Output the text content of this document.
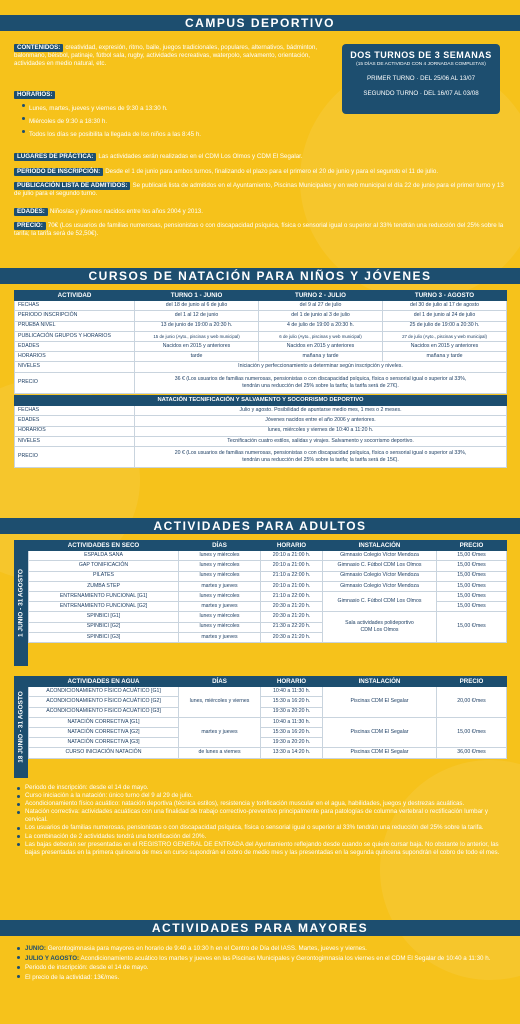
CAMPUS DEPORTIVO
CONTENIDOS: creatividad, expresión, ritmo, baile, juegos tradicionales, populares, alternativos, bádminton, balonmano, béisbol, patinaje, fútbol sala, rugby, actividades recreativas, waterpolo, salvamento, orientación, actividades en medio natural, etc.
HORARIOS:
Lunes, martes, jueves y viernes de 9:30 a 13:30 h.
Miércoles de 9:30 a 18:30 h.
Todos los días se posibilita la llegada de los niños a las 8:45 h.
DOS TURNOS DE 3 SEMANAS
(15 DÍAS DE ACTIVIDAD CON 4 JORNADAS COMPLETAS)
PRIMER TURNO · DEL 25/06 AL 13/07
SEGUNDO TURNO · DEL 16/07 AL 03/08
LUGARES DE PRÁCTICA: Las actividades serán realizadas en el CDM Los Olmos y CDM El Segalar.
PERIODO DE INSCRIPCIÓN: Desde el 1 de junio para ambos turnos, finalizando el plazo para el primero el 20 de junio y para el segundo el 11 de julio.
PUBLICACIÓN LISTA DE ADMITIDOS: Se publicará lista de admitidos en el Ayuntamiento, Piscinas Municipales y en web municipal el día 22 de junio para el primer turno y 13 de julio para el segundo turno.
EDADES: Niños/as y jóvenes nacidos entre los años 2004 y 2013.
PRECIO: 70€ (Los usuarios de familias numerosas, pensionistas o con discapacidad psíquica, física o sensorial igual o superior al 33% tendrán una reducción del 25% sobre la tarifa; la tarifa será de 52,50€).
CURSOS DE NATACIÓN PARA NIÑOS Y JÓVENES
ACTIVIDAD	TURNO 1 - JUNIO	TURNO 2 - JULIO	TURNO 3 - AGOSTO
FECHAS	del 18 de junio al 6 de julio	del 9 al 27 de julio	del 30 de julio al 17 de agosto
PERIODO INSCRIPCIÓN	del 1 al 12 de junio	del 1 de junio al 3 de julio	del 1 de junio al 24 de julio
PRUEBA NIVEL	13 de junio de 19:00 a 20:30 h.	4 de julio de 19:00 a 20:30 h.	25 de julio de 19:00 a 20:30 h.
PUBLICACIÓN GRUPOS Y HORARIOS	15 de junio (Ayto., piscinas y web municipal)	6 de julio (Ayto., piscinas y web municipal)	27 de julio (Ayto., piscinas y web municipal)
EDADES	Nacidos en 2015 y anteriores	Nacidos en 2015 y anteriores	Nacidos en 2015 y anteriores
HORARIOS	tarde	mañana y tarde	mañana y tarde
NIVELES	Iniciación y perfeccionamiento a determinar según inscripción y niveles.		
PRECIO	36 € (Los usuarios de familias numerosas, pensionistas o con discapacidad psíquica, física o sensorial igual o superior al 33%,
tendrán una reducción del 25% sobre la tarifa; la tarifa será de 27€).		
NATACIÓN TECNIFICACIÓN Y SALVAMENTO Y SOCORRISMO DEPORTIVO	
FECHAS	Julio y agosto. Posibilidad de apuntarse medio mes, 1 mes o 2 meses.
EDADES	Jóvenes nacidos entre el año 2006 y anteriores.
HORARIOS	lunes, miércoles y viernes de 10:40 a 11:20 h.
NIVELES	Tecnificación cuatro estilos, salidas y virajes. Salvamento y socorrismo deportivo.
PRECIO	20 € (Los usuarios de familias numerosas, pensionistas o con discapacidad psíquica, física o sensorial igual o superior al 33%,
tendrán una reducción del 25% sobre la tarifa; la tarifa será de 15€).
ACTIVIDADES PARA ADULTOS
1 JUNIO - 31 AGOSTO
ACTIVIDADES EN SECO	DÍAS	HORARIO	INSTALACIÓN	PRECIO
ESPALDA SANA	lunes y miércoles	20:10 a 21:00 h.	Gimnasio Colegio Víctor Mendoza	15,00 €/mes
GAP TONIFICACIÓN	lunes y miércoles	20:10 a 21:00 h.	Gimnasio C. Fútbol CDM Los Olmos	15,00 €/mes
PILATES	lunes y miércoles	21:10 a 22:00 h.	Gimnasio Colegio Víctor Mendoza	15,00 €/mes
ZUMBA STEP	martes y jueves	20:10 a 21:00 h.	Gimnasio Colegio Víctor Mendoza	15,00 €/mes
ENTRENAMIENTO FUNCIONAL [G1]	lunes y miércoles	21:10 a 22:00 h.	Gimnasio C. Fútbol CDM Los Olmos	15,00 €/mes
ENTRENAMIENTO FUNCIONAL [G2]	martes y jueves	20:30 a 21:20 h.		15,00 €/mes
SPINBICI [G1]	lunes y miércoles	20:30 a 21:20 h.	Sala actividades polideportivo
CDM Los Olmos	15,00 €/mes
SPINBICI [G2]	lunes y miércoles	21:30 a 22:20 h.		
SPINBICI [G3]	martes y jueves	20:30 a 21:20 h.		
18 JUNIO - 31 AGOSTO
ACTIVIDADES EN AGUA	DÍAS	HORARIO	INSTALACIÓN	PRECIO
ACONDICIONAMIENTO FÍSICO ACUÁTICO [G1]	lunes, miércoles y viernes	10:40 a 11:30 h.	Piscinas CDM El Segalar	20,00 €/mes
ACONDICIONAMIENTO FÍSICO ACUÁTICO [G2]		15:30 a 16:20 h.		
ACONDICIONAMIENTO FÍSICO ACUÁTICO [G3]		19:30 a 20:20 h.		
NATACIÓN CORRECTIVA [G1]	martes y jueves	10:40 a 11:30 h.	Piscinas CDM El Segalar	15,00 €/mes
NATACIÓN CORRECTIVA [G2]		15:30 a 16:20 h.		
NATACIÓN CORRECTIVA [G3]		19:30 a 20:20 h.		
CURSO INICIACIÓN NATACIÓN	de lunes a viernes	13:30 a 14:20 h.	Piscinas CDM El Segalar	36,00 €/mes
Periodo de inscripción: desde el 14 de mayo.
Curso iniciación a la natación: único turno del 9 al 29 de julio.
Acondicionamiento físico acuático: natación deportiva (técnica estilos), resistencia y tonificación muscular en el agua, habilidades, juegos y destrezas acuáticas.
Natación correctiva: actividades acuáticas con una finalidad de trabajo correctivo-preventivo principalmente para patologías de columna vertebral o rectificación lumbar y cervical.
Los usuarios de familias numerosas, pensionistas o con discapacidad psíquica, física o sensorial igual o superior al 33% tendrán una reducción del 25% sobre la tarifa.
La combinación de 2 actividades tendrá una bonificación del 20%.
Las bajas deberán ser presentadas en el REGISTRO GENERAL DE ENTRADA del Ayuntamiento reflejando desde cuando se quiere cursar baja. No obstante lo anterior, las bajas presentadas en la primera quincena de mes en curso supondrán el cobro de medio mes y las presentadas en la segunda quincena supondrán el cobro de todo el mes.
ACTIVIDADES PARA MAYORES
JUNIO: Gerontogimnasia para mayores en horario de 9:40 a 10:30 h en el Centro de Día del IASS. Martes, jueves y viernes.
JULIO Y AGOSTO: Acondicionamiento acuático los martes y jueves en las Piscinas Municipales y Gerontogimnasia los viernes en el CDM El Segalar de 10:40 a 11:30 h.
Periodo de inscripción: desde el 14 de mayo.
El precio de la actividad: 13€/mes.
